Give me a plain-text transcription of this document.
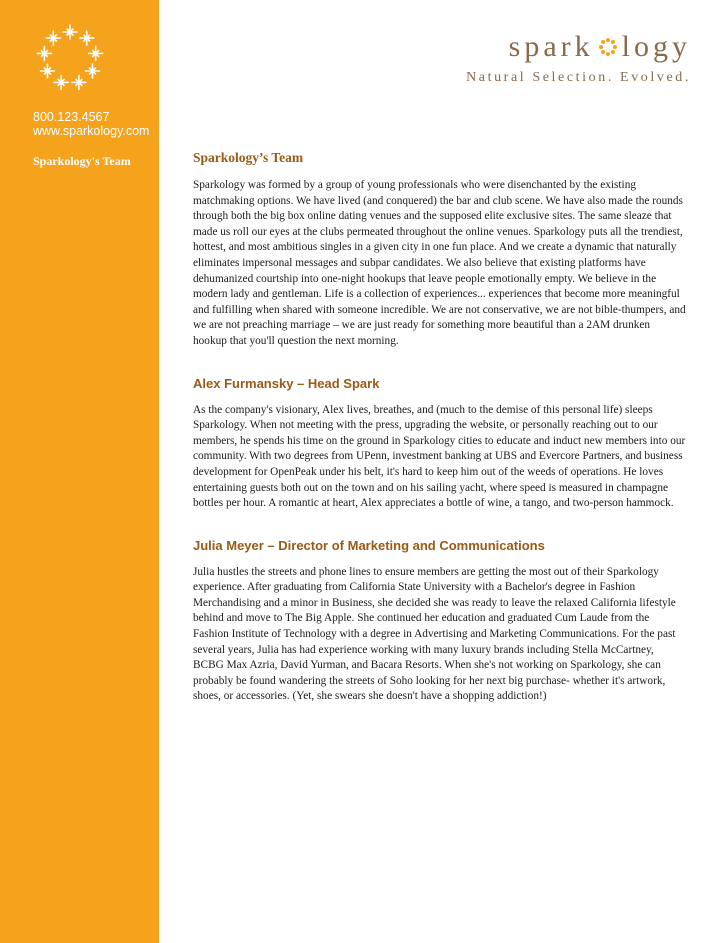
800.123.4567
www.sparkology.com
Sparkology's Team
spark logy
Natural Selection. Evolved.
Sparkology’s Team

Sparkology was formed by a group of young professionals who were disenchanted by the existing matchmaking options. We have lived (and conquered) the bar and club scene. We have also made the rounds through both the big box online dating venues and the supposed elite exclusive sites. The same sleaze that made us roll our eyes at the clubs permeated throughout the online venues. Sparkology puts all the trendiest, hottest, and most ambitious singles in a given city in one fun place. And we create a dynamic that naturally eliminates impersonal messages and subpar candidates. We also believe that existing platforms have dehumanized courtship into one-night hookups that leave people emotionally empty. We believe in the modern lady and gentleman. Life is a collection of experiences... experiences that become more meaningful and fulfilling when shared with someone incredible. We are not conservative, we are not bible-thumpers, and we are not preaching marriage – we are just ready for something more beautiful than a 2AM drunken hookup that you'll question the next morning.

Alex Furmansky – Head Spark

As the company's visionary, Alex lives, breathes, and (much to the demise of this personal life) sleeps Sparkology. When not meeting with the press, upgrading the website, or personally reaching out to our members, he spends his time on the ground in Sparkology cities to educate and induct new members into our community. With two degrees from UPenn, investment banking at UBS and Evercore Partners, and business development for OpenPeak under his belt, it's hard to keep him out of the weeds of operations. He loves entertaining guests both out on the town and on his sailing yacht, where speed is measured in champagne bottles per hour. A romantic at heart, Alex appreciates a bottle of wine, a tango, and two-person hammock.

Julia Meyer – Director of Marketing and Communications

Julia hustles the streets and phone lines to ensure members are getting the most out of their Sparkology experience. After graduating from California State University with a Bachelor's degree in Fashion Merchandising and a minor in Business, she decided she was ready to leave the relaxed California lifestyle behind and move to The Big Apple. She continued her education and graduated Cum Laude from the Fashion Institute of Technology with a degree in Advertising and Marketing Communications. For the past several years, Julia has had experience working with many luxury brands including Stella McCartney, BCBG Max Azria, David Yurman, and Bacara Resorts. When she's not working on Sparkology, she can probably be found wandering the streets of Soho looking for her next big purchase- whether it's artwork, shoes, or accessories. (Yet, she swears she doesn't have a shopping addiction!)
